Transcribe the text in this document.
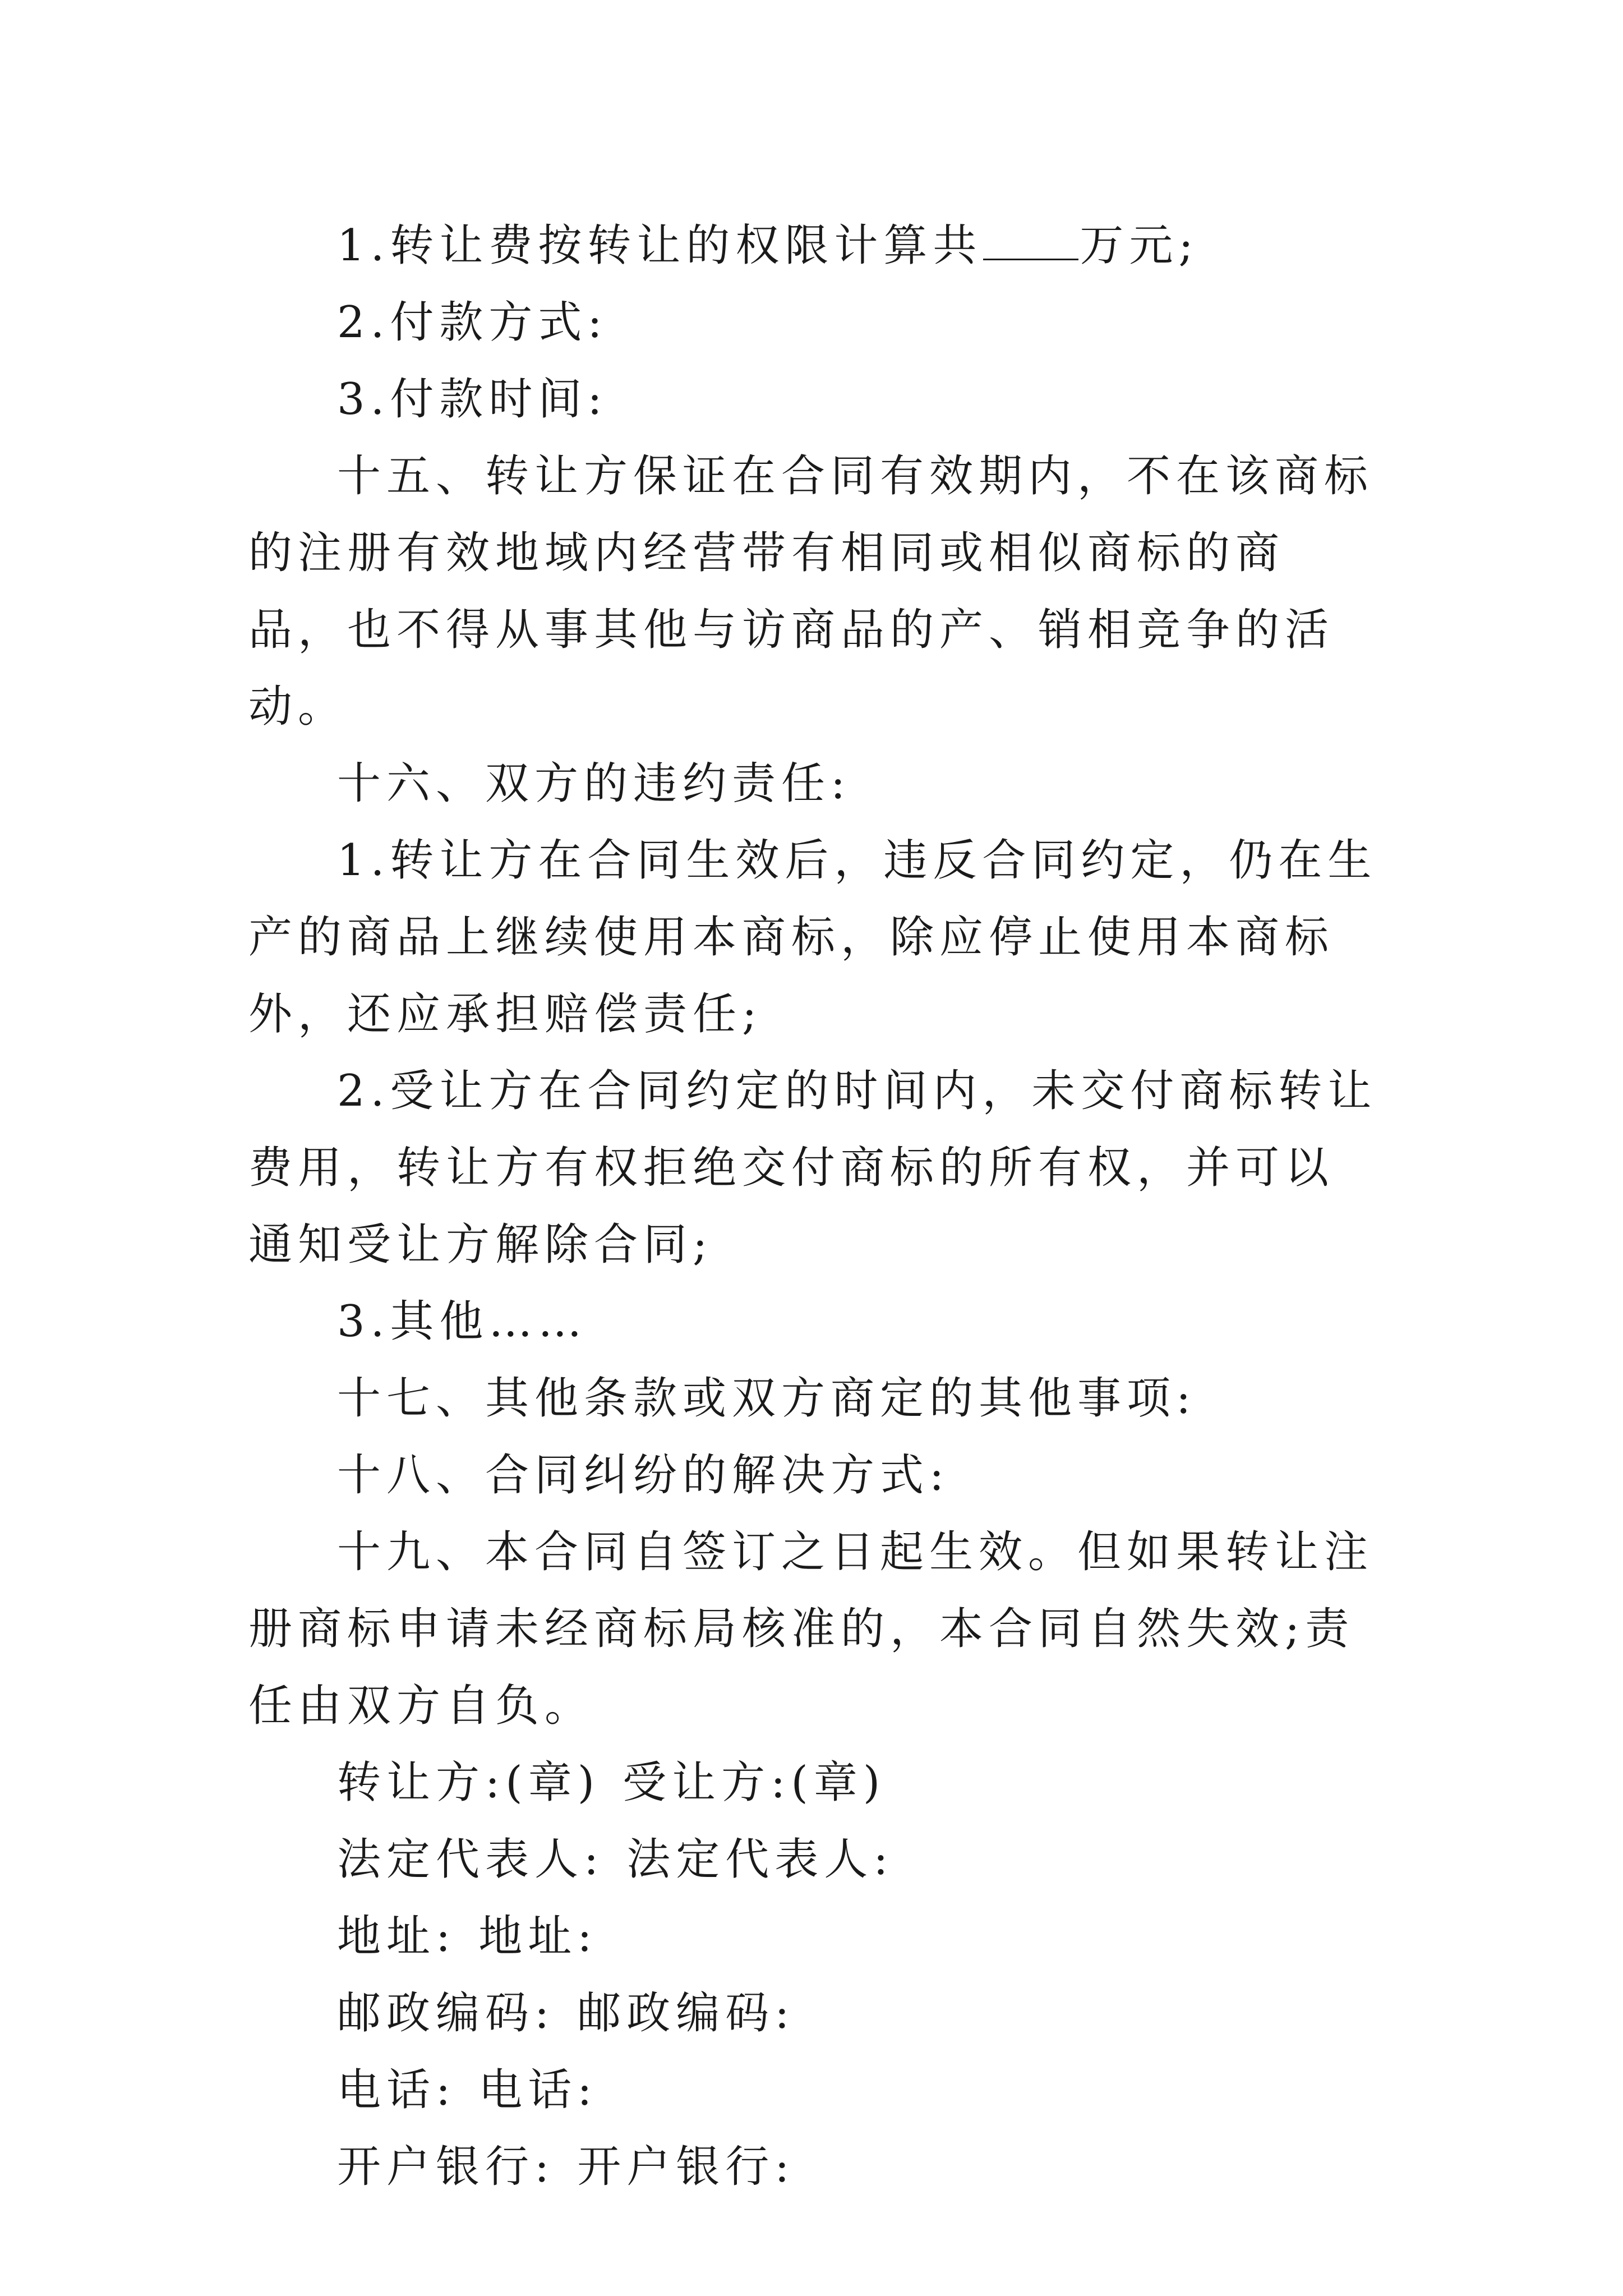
1.转让费按转让的权限计算共 万元;

2.付款方式:

3.付款时间:

十五、转让方保证在合同有效期内，不在该商标的注册有效地域内经营带有相同或相似商标的商品，也不得从事其他与访商品的产、销相竞争的活动。

十六、双方的违约责任:

1.转让方在合同生效后，违反合同约定，仍在生产的商品上继续使用本商标，除应停止使用本商标外，还应承担赔偿责任;

2.受让方在合同约定的时间内，未交付商标转让费用，转让方有权拒绝交付商标的所有权，并可以通知受让方解除合同;

3.其他……

十七、其他条款或双方商定的其他事项:

十八、合同纠纷的解决方式:

十九、本合同自签订之日起生效。但如果转让注册商标申请未经商标局核准的，本合同自然失效;责任由双方自负。

转让方:(章) 受让方:(章)

法定代表人: 法定代表人:

地址: 地址:

邮政编码: 邮政编码:

电话: 电话:

开户银行: 开户银行:
